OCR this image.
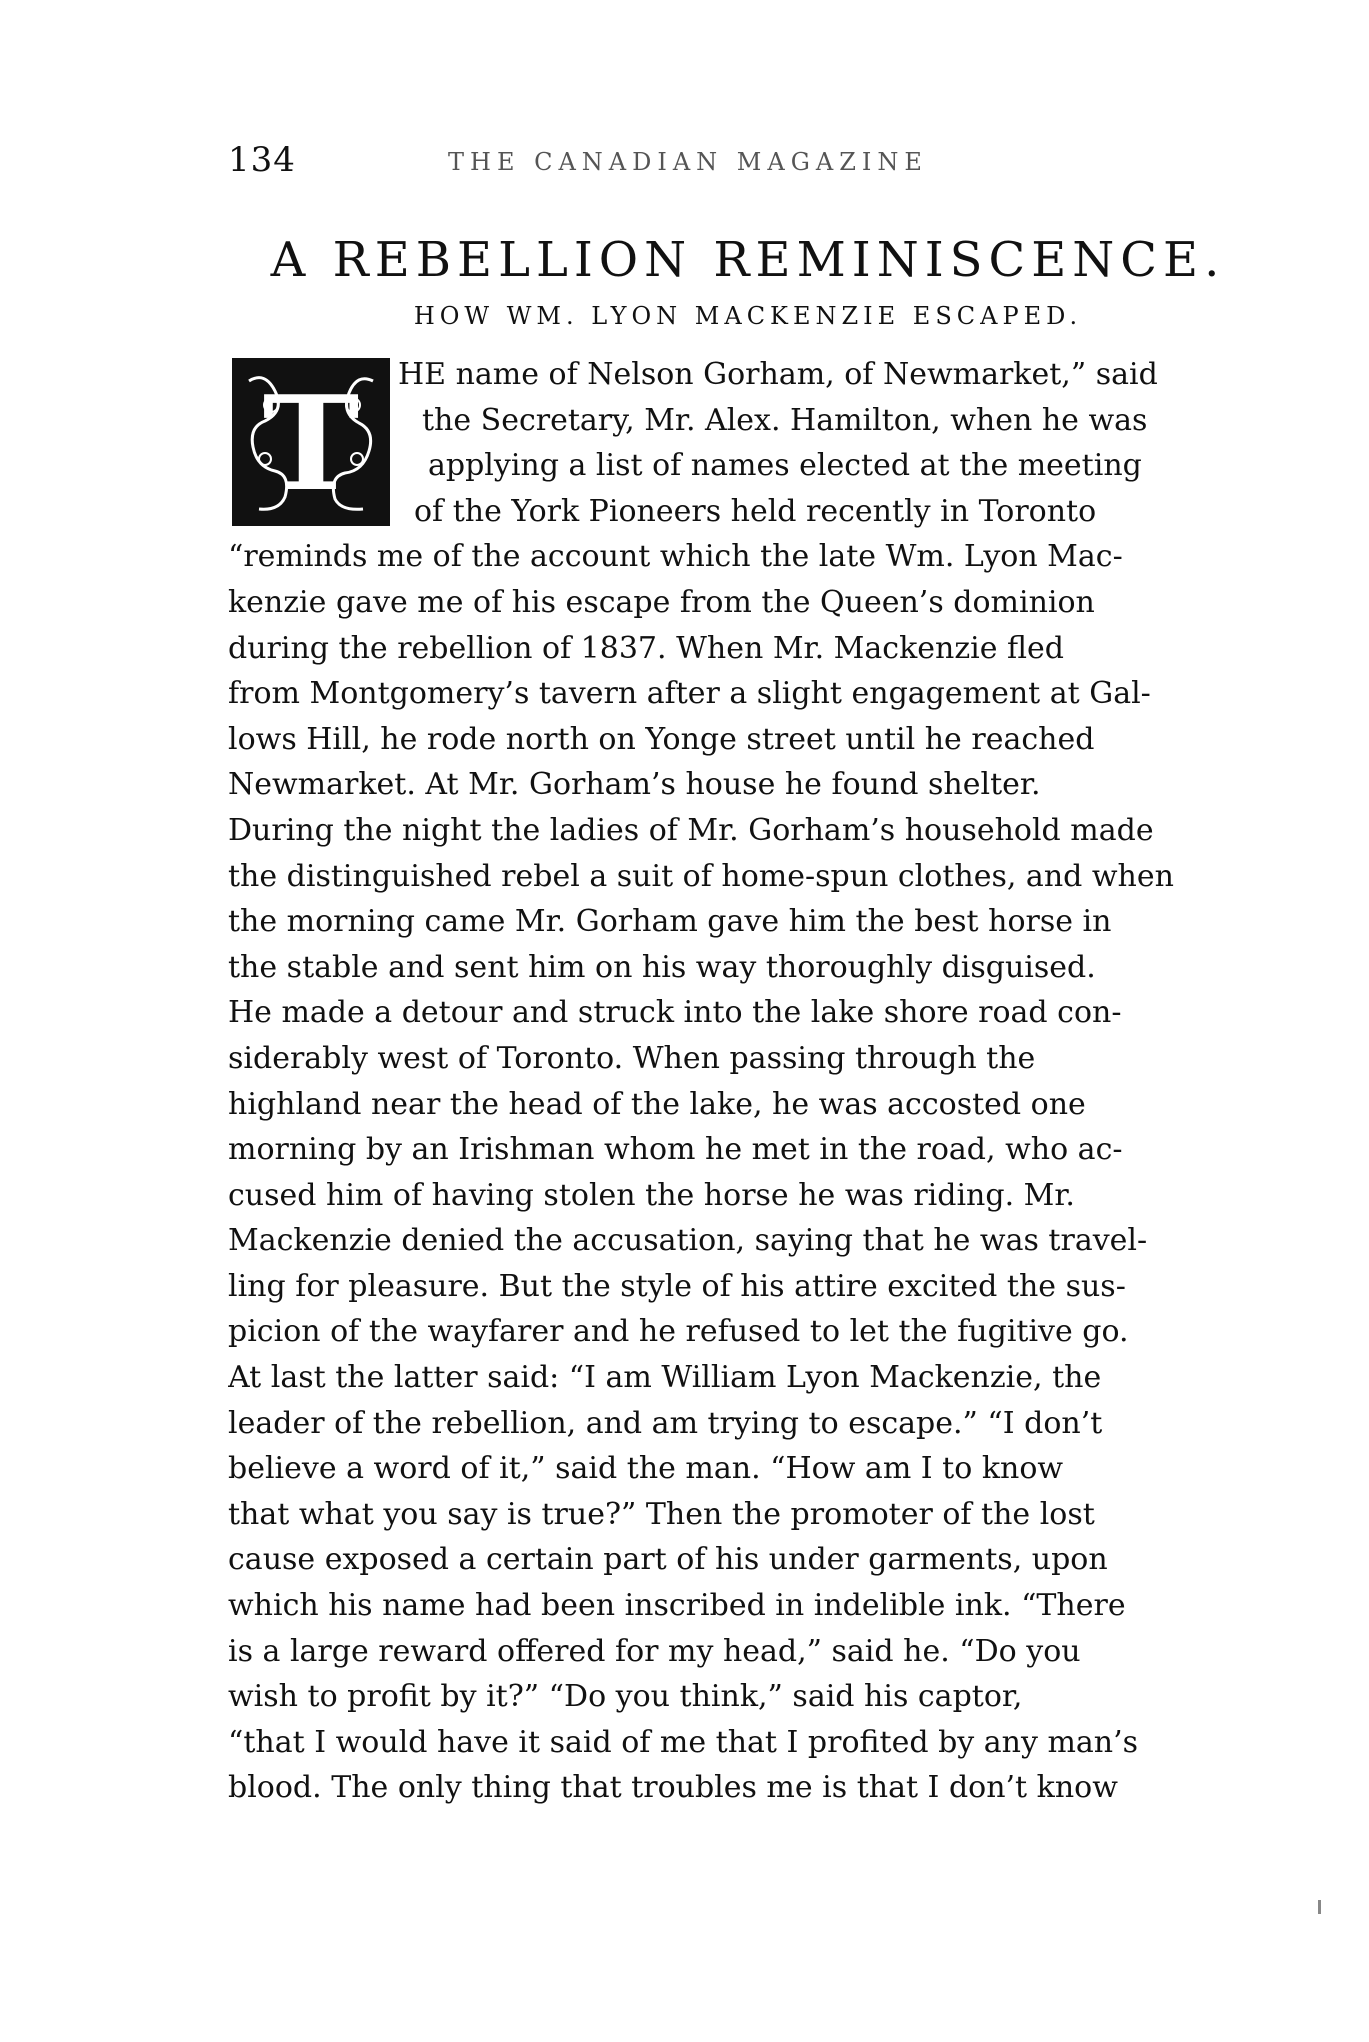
134	THE CANADIAN MAGAZINE
A REBELLION REMINISCENCE.
HOW WM. LYON MACKENZIE ESCAPED.
T	HE name of Nelson Gorham, of Newmarket,” said
the Secretary, Mr. Alex. Hamilton, when he was
applying a list of names elected at the meeting
of the York Pioneers held recently in Toronto
“reminds me of the account which the late Wm. Lyon Mac-
kenzie gave me of his escape from the Queen’s dominion
during the rebellion of 1837. When Mr. Mackenzie fled
from Montgomery’s tavern after a slight engagement at Gal-
lows Hill, he rode north on Yonge street until he reached
Newmarket. At Mr. Gorham’s house he found shelter.
During the night the ladies of Mr. Gorham’s household made
the distinguished rebel a suit of home-spun clothes, and when
the morning came Mr. Gorham gave him the best horse in
the stable and sent him on his way thoroughly disguised.
He made a detour and struck into the lake shore road con-
siderably west of Toronto. When passing through the
highland near the head of the lake, he was accosted one
morning by an Irishman whom he met in the road, who ac-
cused him of having stolen the horse he was riding. Mr.
Mackenzie denied the accusation, saying that he was travel-
ling for pleasure. But the style of his attire excited the sus-
picion of the wayfarer and he refused to let the fugitive go.
At last the latter said: “I am William Lyon Mackenzie, the
leader of the rebellion, and am trying to escape.” “I don’t
believe a word of it,” said the man. “How am I to know
that what you say is true?” Then the promoter of the lost
cause exposed a certain part of his under garments, upon
which his name had been inscribed in indelible ink. “There
is a large reward offered for my head,” said he. “Do you
wish to profit by it?” “Do you think,” said his captor,
“that I would have it said of me that I profited by any man’s
blood. The only thing that troubles me is that I don’t know
